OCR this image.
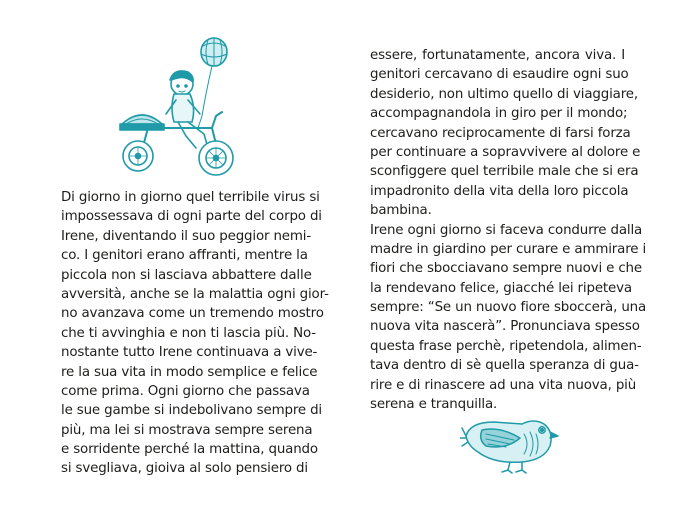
Di giorno in giorno quel terribile virus si
impossessava di ogni parte del corpo di
Irene, diventando il suo peggior nemi-
co. I genitori erano affranti, mentre la
piccola non si lasciava abbattere dalle
avversità, anche se la malattia ogni gior-
no avanzava come un tremendo mostro
che ti avvinghia e non ti lascia più. No-
nostante tutto Irene continuava a vive-
re la sua vita in modo semplice e felice
come prima. Ogni giorno che passava
le sue gambe si indebolivano sempre di
più, ma lei si mostrava sempre serena
e sorridente perché la mattina, quando
si svegliava, gioiva al solo pensiero di
essere, fortunatamente, ancora viva. I
genitori cercavano di esaudire ogni suo
desiderio, non ultimo quello di viaggiare,
accompagnandola in giro per il mondo;
cercavano reciprocamente di farsi forza
per continuare a sopravvivere al dolore e
sconfiggere quel terribile male che si era
impadronito della vita della loro piccola
bambina.
Irene ogni giorno si faceva condurre dalla
madre in giardino per curare e ammirare i
fiori che sbocciavano sempre nuovi e che
la rendevano felice, giacché lei ripeteva
sempre: “Se un nuovo fiore sboccerà, una
nuova vita nascerà”. Pronunciava spesso
questa frase perchè, ripetendola, alimen-
tava dentro di sè quella speranza di gua-
rire e di rinascere ad una vita nuova, più
serena e tranquilla.
